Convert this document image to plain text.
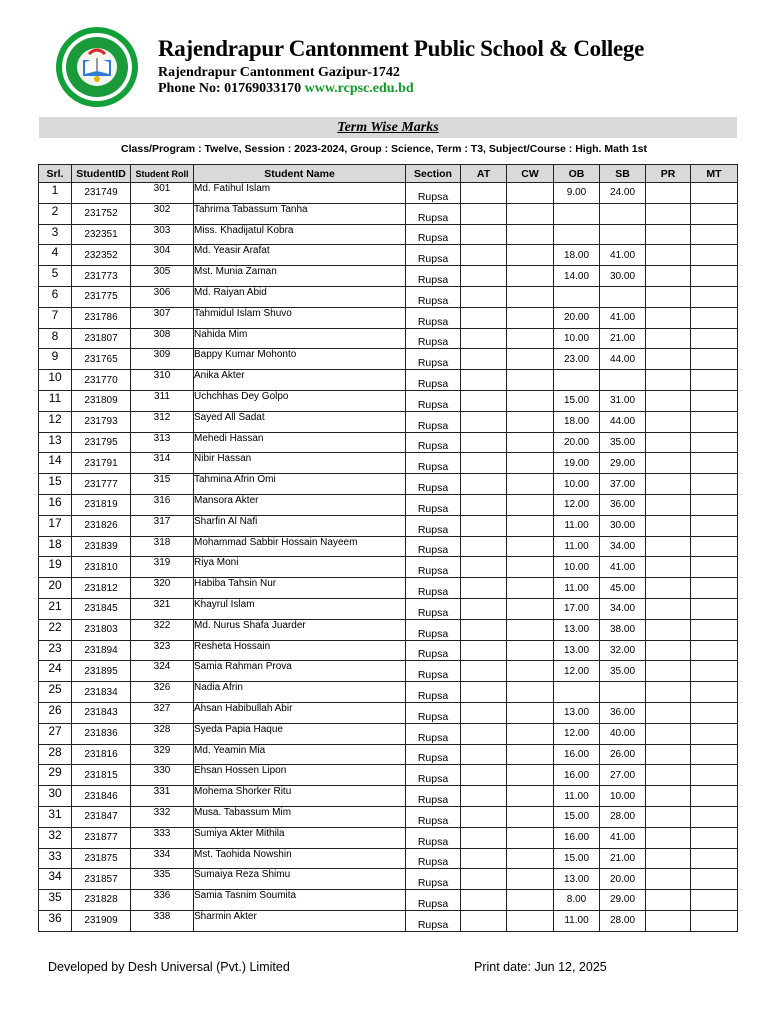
Rajendrapur Cantonment Public School & College
Rajendrapur Cantonment Gazipur-1742
Phone No: 01769033170 www.rcpsc.edu.bd
Term Wise Marks
Class/Program : Twelve, Session : 2023-2024, Group : Science, Term : T3, Subject/Course : High. Math 1st
Srl.	StudentID	Student Roll	Student Name	Section	AT	CW	OB	SB	PR	MT
1	231749	301	Md. Fatihul Islam	Rupsa			9.00	24.00		
2	231752	302	Tahrima Tabassum Tanha	Rupsa						
3	232351	303	Miss. Khadijatul Kobra	Rupsa						
4	232352	304	Md. Yeasir Arafat	Rupsa			18.00	41.00		
5	231773	305	Mst. Munia Zaman	Rupsa			14.00	30.00		
6	231775	306	Md. Raiyan Abid	Rupsa						
7	231786	307	Tahmidul Islam Shuvo	Rupsa			20.00	41.00		
8	231807	308	Nahida Mim	Rupsa			10.00	21.00		
9	231765	309	Bappy Kumar Mohonto	Rupsa			23.00	44.00		
10	231770	310	Anika Akter	Rupsa						
11	231809	311	Uchchhas Dey Golpo	Rupsa			15.00	31.00		
12	231793	312	Sayed All Sadat	Rupsa			18.00	44.00		
13	231795	313	Mehedi Hassan	Rupsa			20.00	35.00		
14	231791	314	Nibir Hassan	Rupsa			19.00	29.00		
15	231777	315	Tahmina Afrin Omi	Rupsa			10.00	37.00		
16	231819	316	Mansora Akter	Rupsa			12.00	36.00		
17	231826	317	Sharfin Al Nafi	Rupsa			11.00	30.00		
18	231839	318	Mohammad Sabbir Hossain Nayeem	Rupsa			11.00	34.00		
19	231810	319	Riya Moni	Rupsa			10.00	41.00		
20	231812	320	Habiba Tahsin Nur	Rupsa			11.00	45.00		
21	231845	321	Khayrul Islam	Rupsa			17.00	34.00		
22	231803	322	Md. Nurus Shafa Juarder	Rupsa			13.00	38.00		
23	231894	323	Resheta Hossain	Rupsa			13.00	32.00		
24	231895	324	Samia Rahman Prova	Rupsa			12.00	35.00		
25	231834	326	Nadia Afrin	Rupsa						
26	231843	327	Ahsan Habibullah Abir	Rupsa			13.00	36.00		
27	231836	328	Syeda Papia Haque	Rupsa			12.00	40.00		
28	231816	329	Md. Yeamin Mia	Rupsa			16.00	26.00		
29	231815	330	Ehsan Hossen Lipon	Rupsa			16.00	27.00		
30	231846	331	Mohema Shorker Ritu	Rupsa			11.00	10.00		
31	231847	332	Musa. Tabassum Mim	Rupsa			15.00	28.00		
32	231877	333	Sumiya Akter Mithila	Rupsa			16.00	41.00		
33	231875	334	Mst. Taohida Nowshin	Rupsa			15.00	21.00		
34	231857	335	Sumaiya Reza Shimu	Rupsa			13.00	20.00		
35	231828	336	Samia Tasnim Soumita	Rupsa			8.00	29.00		
36	231909	338	Sharmin Akter	Rupsa			11.00	28.00		
Developed by Desh Universal (Pvt.) Limited	Print date: Jun 12, 2025
